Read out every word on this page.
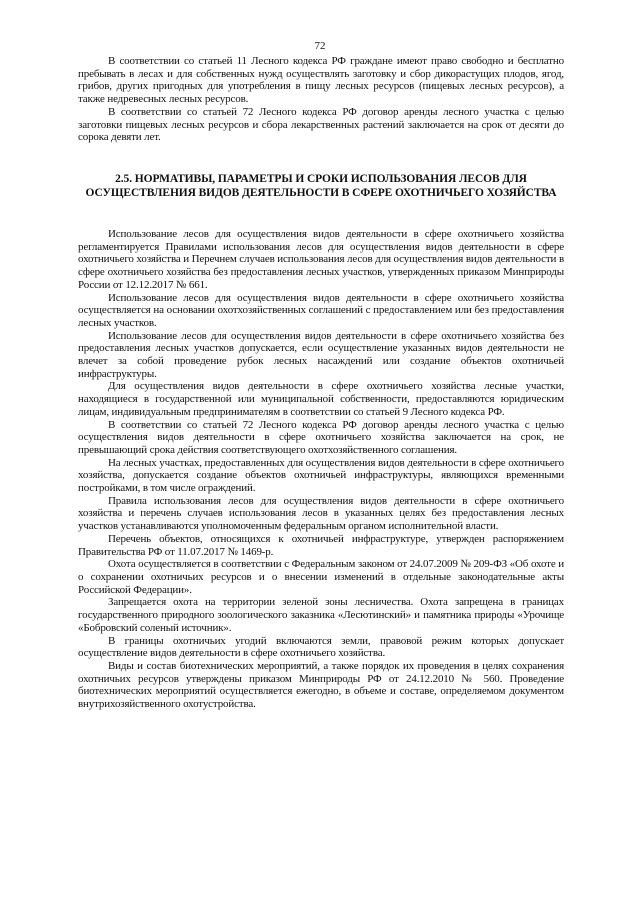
72

В соответствии со статьей 11 Лесного кодекса РФ граждане имеют право свободно и бесплатно пребывать в лесах и для собственных нужд осуществлять заготовку и сбор дикорастущих плодов, ягод, грибов, других пригодных для употребления в пищу лесных ресурсов (пищевых лесных ресурсов), а также недревесных лесных ресурсов.

В соответствии со статьей 72 Лесного кодекса РФ договор аренды лесного участка с целью заготовки пищевых лесных ресурсов и сбора лекарственных растений заключается на срок от десяти до сорока девяти лет.

2.5. НОРМАТИВЫ, ПАРАМЕТРЫ И СРОКИ ИСПОЛЬЗОВАНИЯ ЛЕСОВ ДЛЯ ОСУЩЕСТВЛЕНИЯ ВИДОВ ДЕЯТЕЛЬНОСТИ В СФЕРЕ ОХОТНИЧЬЕГО ХОЗЯЙСТВА

Использование лесов для осуществления видов деятельности в сфере охотничьего хозяйства регламентируется Правилами использования лесов для осуществления видов деятельности в сфере охотничьего хозяйства и Перечнем случаев использования лесов для осуществления видов деятельности в сфере охотничьего хозяйства без предоставления лесных участков, утвержденных приказом Минприроды России от 12.12.2017 № 661.

Использование лесов для осуществления видов деятельности в сфере охотничьего хозяйства осуществляется на основании охотхозяйственных соглашений с предоставлением или без предоставления лесных участков.

Использование лесов для осуществления видов деятельности в сфере охотничьего хозяйства без предоставления лесных участков допускается, если осуществление указанных видов деятельности не влечет за собой проведение рубок лесных насаждений или создание объектов охотничьей инфраструктуры.

Для осуществления видов деятельности в сфере охотничьего хозяйства лесные участки, находящиеся в государственной или муниципальной собственности, предоставляются юридическим лицам, индивидуальным предпринимателям в соответствии со статьей 9 Лесного кодекса РФ.

В соответствии со статьей 72 Лесного кодекса РФ договор аренды лесного участка с целью осуществления видов деятельности в сфере охотничьего хозяйства заключается на срок, не превышающий срока действия соответствующего охотхозяйственного соглашения.

На лесных участках, предоставленных для осуществления видов деятельности в сфере охотничьего хозяйства, допускается создание объектов охотничьей инфраструктуры, являющихся временными постройками, в том числе ограждений.

Правила использования лесов для осуществления видов деятельности в сфере охотничьего хозяйства и перечень случаев использования лесов в указанных целях без предоставления лесных участков устанавливаются уполномоченным федеральным органом исполнительной власти.

Перечень объектов, относящихся к охотничьей инфраструктуре, утвержден распоряжением Правительства РФ от 11.07.2017 № 1469-р.

Охота осуществляется в соответствии с Федеральным законом от 24.07.2009 № 209-ФЗ «Об охоте и о сохранении охотничьих ресурсов и о внесении изменений в отдельные законодательные акты Российской Федерации».

Запрещается охота на территории зеленой зоны лесничества. Охота запрещена в границах государственного природного зоологического заказника «Лесютинский» и памятника природы «Урочище «Бобровский соленый источник».

В границы охотничьих угодий включаются земли, правовой режим которых допускает осуществление видов деятельности в сфере охотничьего хозяйства.

Виды и состав биотехнических мероприятий, а также порядок их проведения в целях сохранения охотничьих ресурсов утверждены приказом Минприроды РФ от 24.12.2010 № 560. Проведение биотехнических мероприятий осуществляется ежегодно, в объеме и составе, определяемом документом внутрихозяйственного охотустройства.
